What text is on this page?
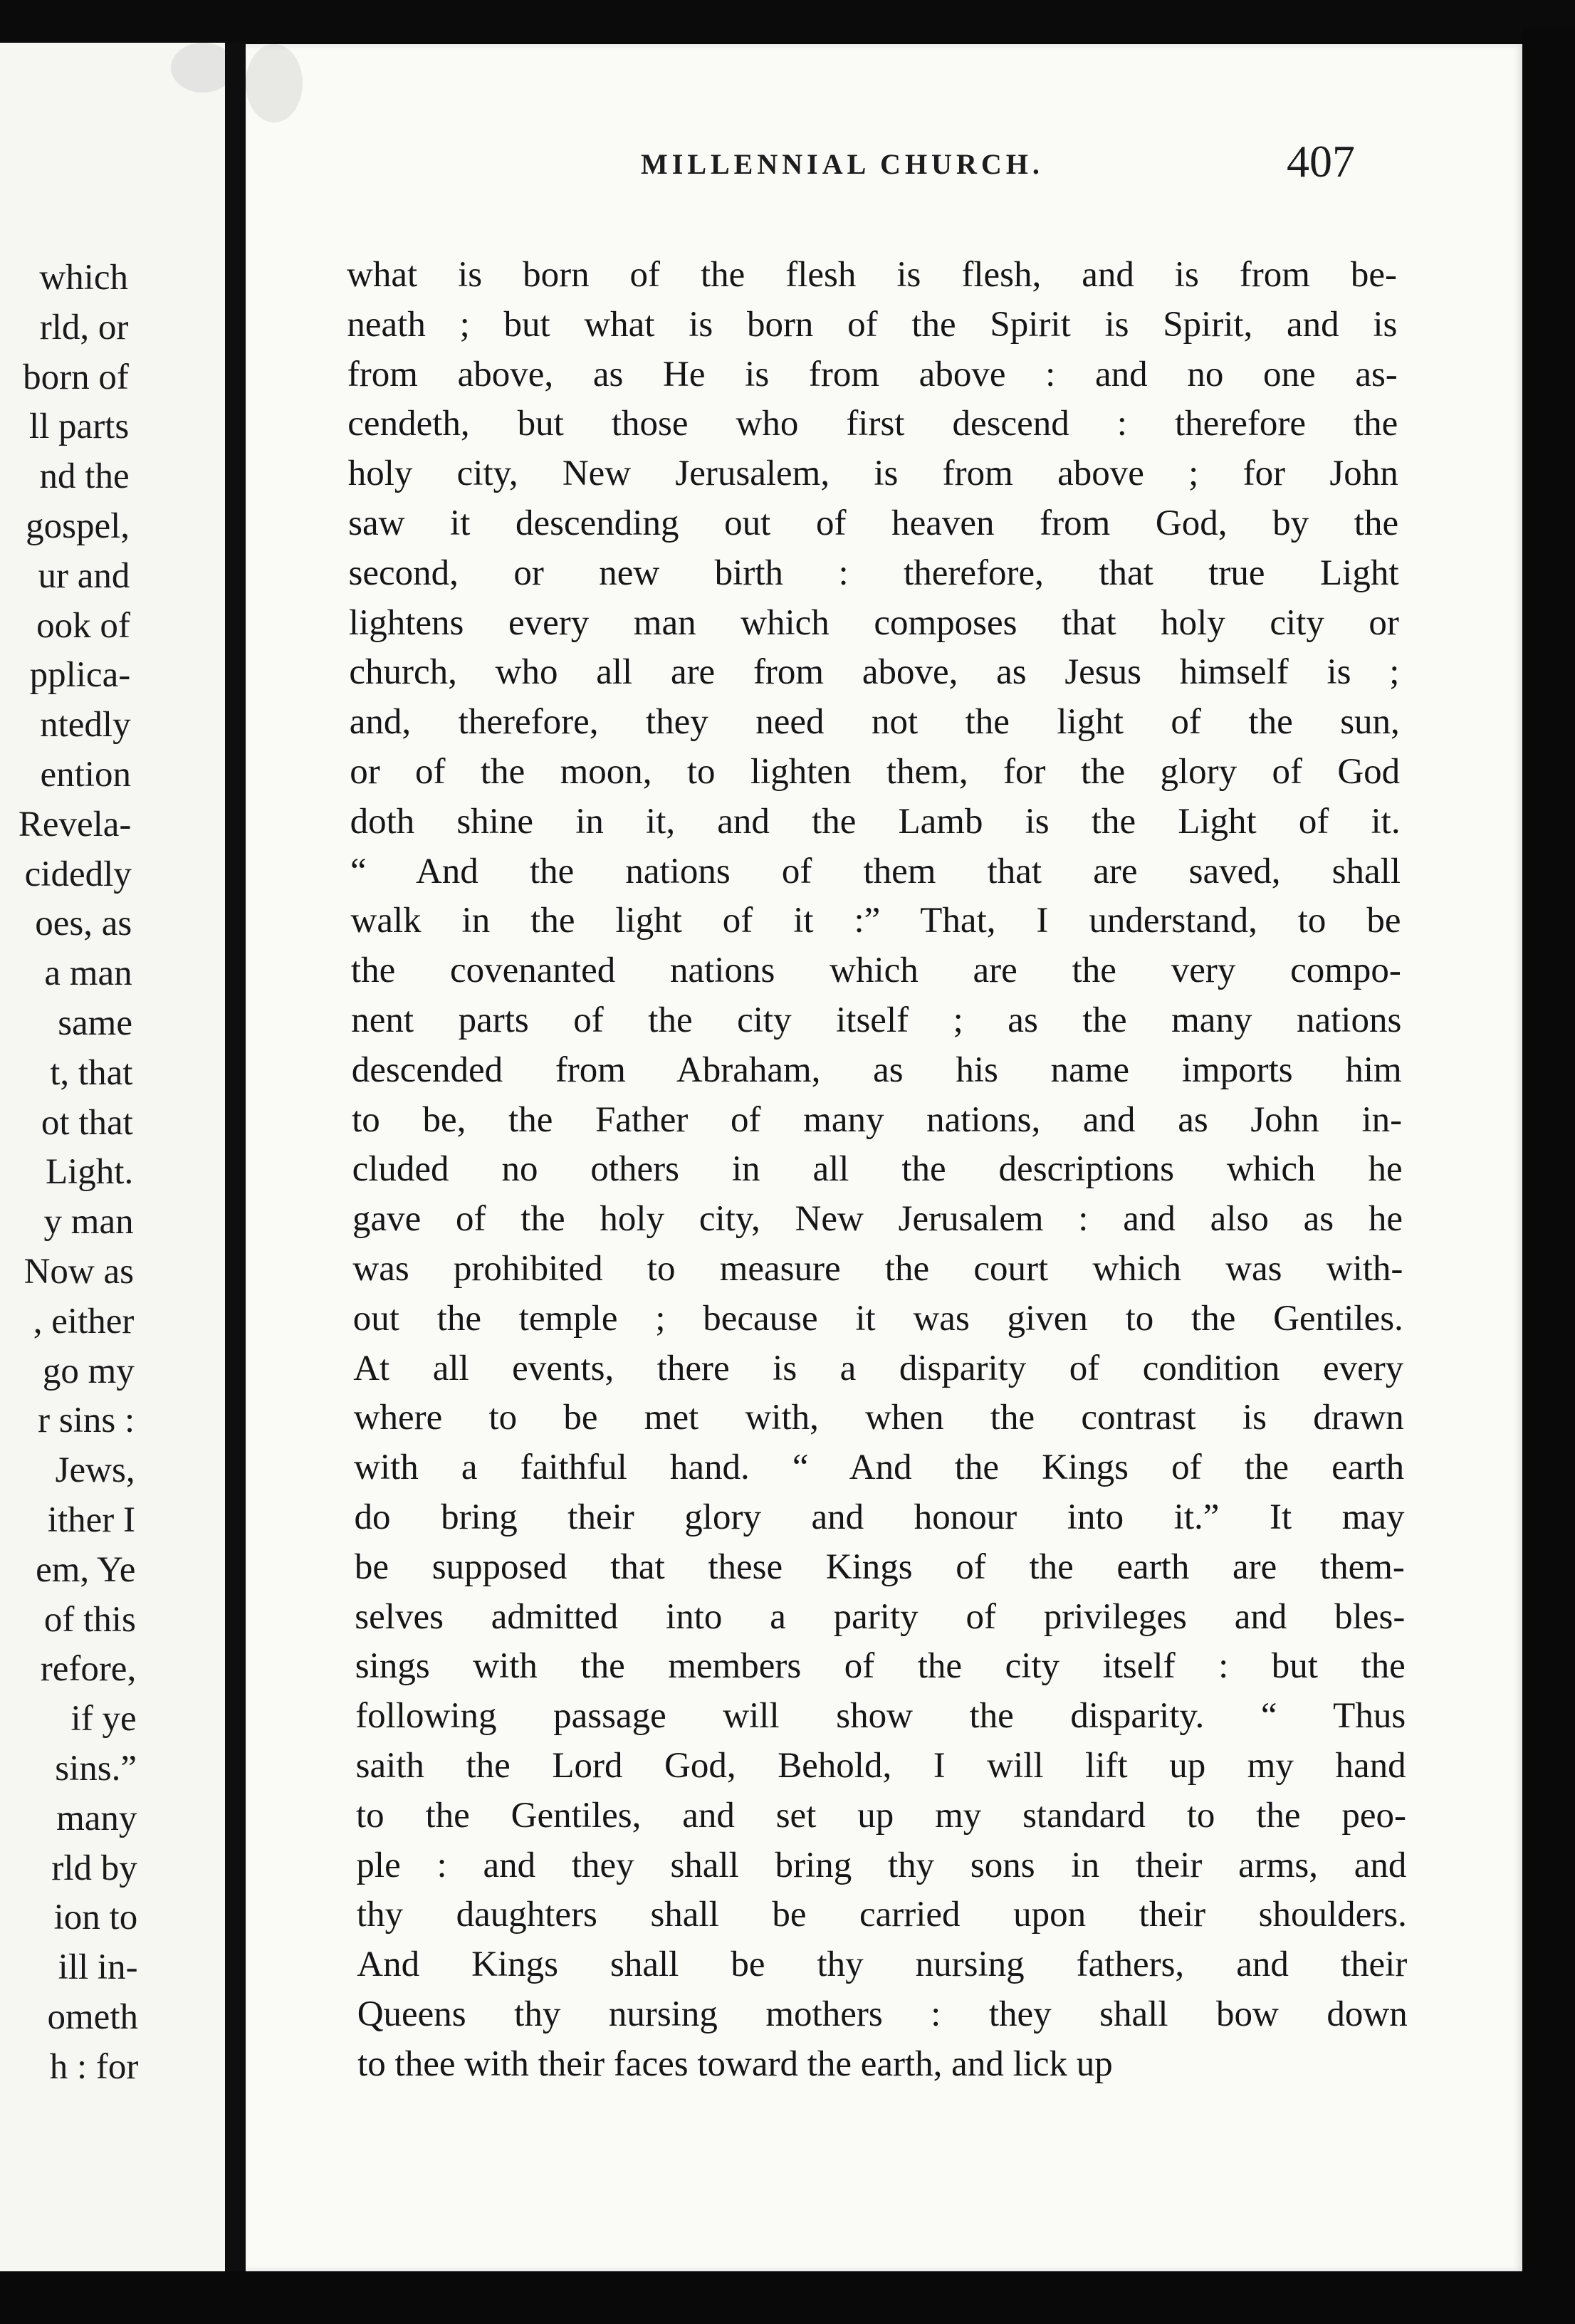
which
rld, or
born of
ll parts
nd the
gospel,
ur and
ook of
pplica-
ntedly
ention
Revela-
cidedly
oes, as
a man
same
t, that
ot that
Light.
y man
Now as
, either
go my
r sins :
Jews,
ither I
em, Ye
of this
refore,
if ye
sins.”
many
rld by
ion to
ill in-
ometh
h : for
MILLENNIAL CHURCH.	407
what is born of the flesh is flesh, and is from be-
neath ; but what is born of the Spirit is Spirit, and is
from above, as He is from above : and no one as-
cendeth, but those who first descend : therefore the
holy city, New Jerusalem, is from above ; for John
saw it descending out of heaven from God, by the
second, or new birth : therefore, that true Light
lightens every man which composes that holy city or
church, who all are from above, as Jesus himself is ;
and, therefore, they need not the light of the sun,
or of the moon, to lighten them, for the glory of God
doth shine in it, and the Lamb is the Light of it.
“ And the nations of them that are saved, shall
walk in the light of it :” That, I understand, to be
the covenanted nations which are the very compo-
nent parts of the city itself ; as the many nations
descended from Abraham, as his name imports him
to be, the Father of many nations, and as John in-
cluded no others in all the descriptions which he
gave of the holy city, New Jerusalem : and also as he
was prohibited to measure the court which was with-
out the temple ; because it was given to the Gentiles.
At all events, there is a disparity of condition every
where to be met with, when the contrast is drawn
with a faithful hand. “ And the Kings of the earth
do bring their glory and honour into it.” It may
be supposed that these Kings of the earth are them-
selves admitted into a parity of privileges and bles-
sings with the members of the city itself : but the
following passage will show the disparity. “ Thus
saith the Lord God, Behold, I will lift up my hand
to the Gentiles, and set up my standard to the peo-
ple : and they shall bring thy sons in their arms, and
thy daughters shall be carried upon their shoulders.
And Kings shall be thy nursing fathers, and their
Queens thy nursing mothers : they shall bow down
to thee with their faces toward the earth, and lick up
